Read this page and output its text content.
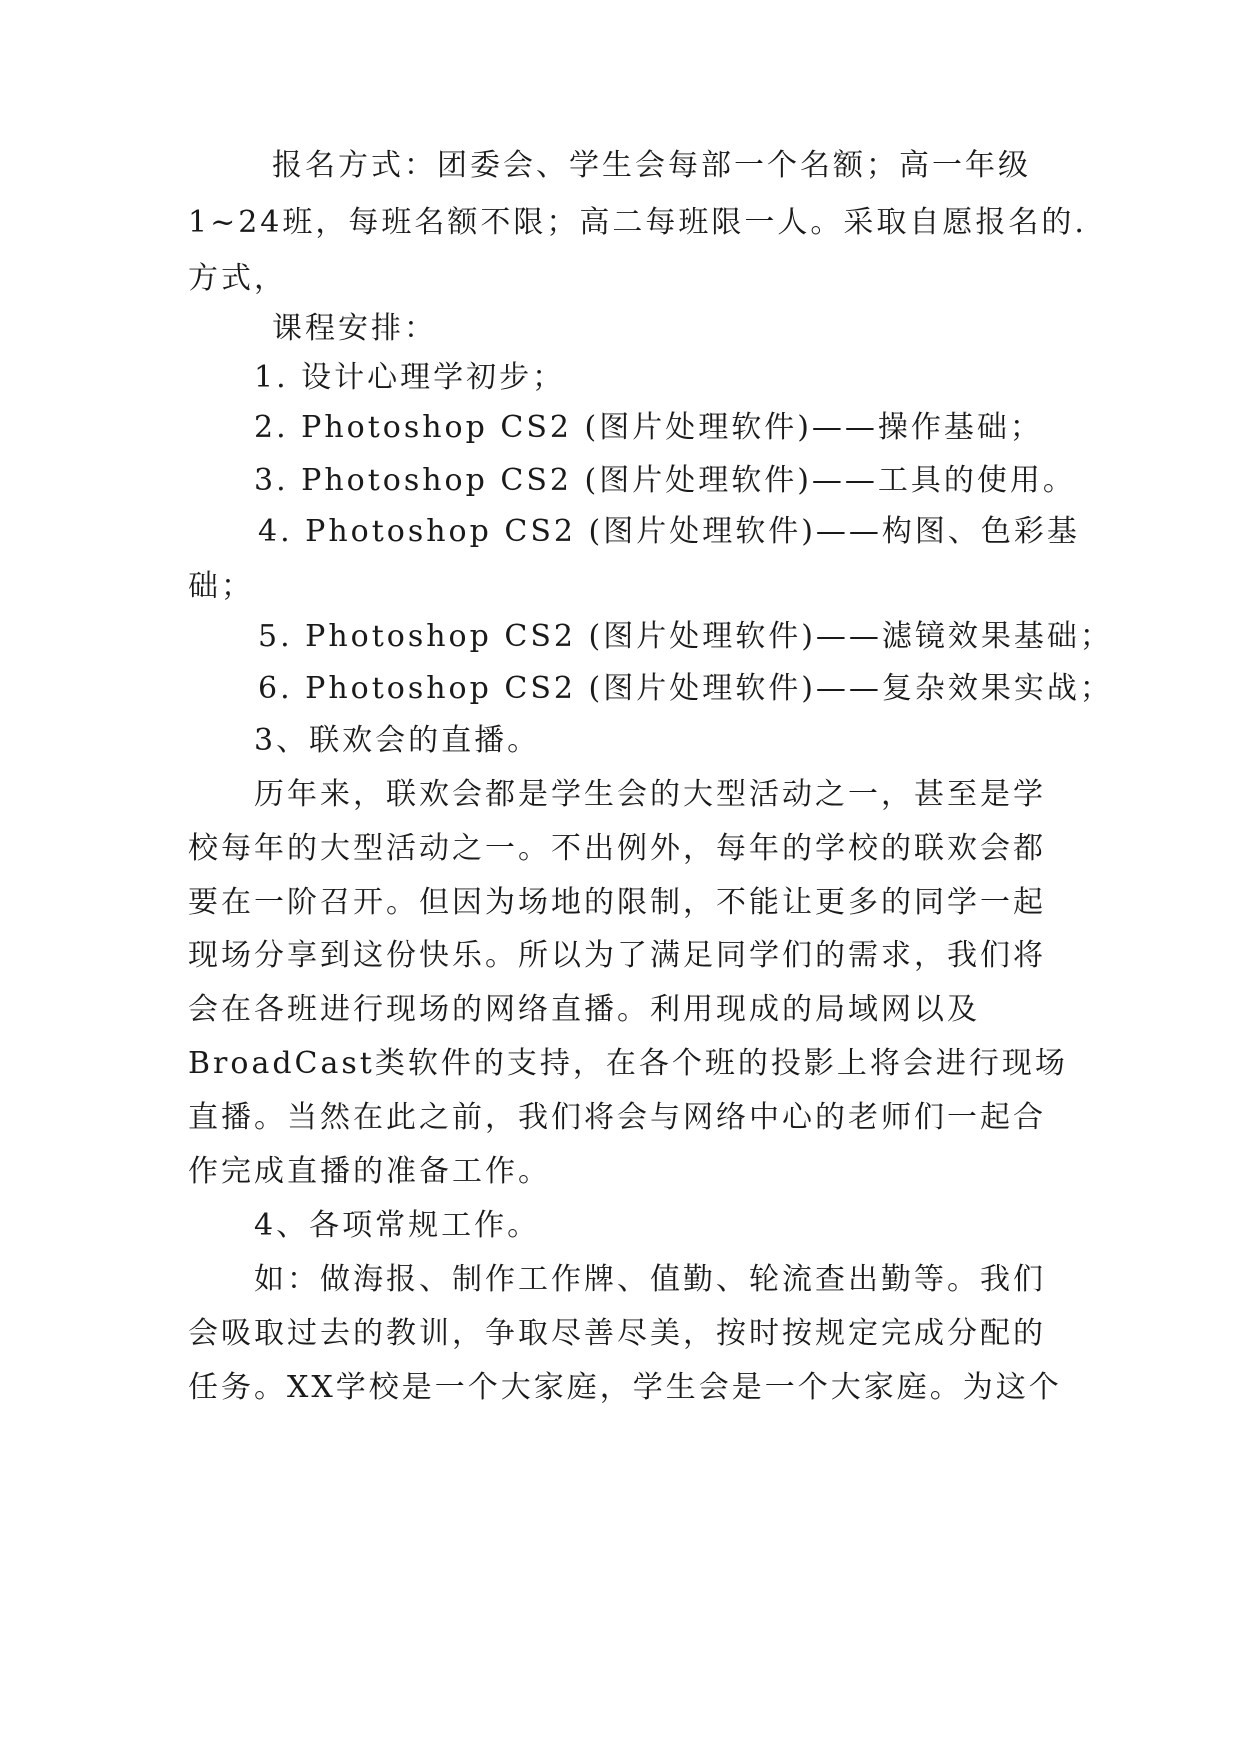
报名方式：团委会、学生会每部一个名额；高一年级
1~24班，每班名额不限；高二每班限一人。采取自愿报名的.
方式，
课程安排：
1. 设计心理学初步；
2. Photoshop CS2 (图片处理软件)——操作基础；
3. Photoshop CS2 (图片处理软件)——工具的使用。
4. Photoshop CS2 (图片处理软件)——构图、色彩基
础；
5. Photoshop CS2 (图片处理软件)——滤镜效果基础；
6. Photoshop CS2 (图片处理软件)——复杂效果实战；
3、联欢会的直播。
历年来，联欢会都是学生会的大型活动之一，甚至是学
校每年的大型活动之一。不出例外，每年的学校的联欢会都
要在一阶召开。但因为场地的限制，不能让更多的同学一起
现场分享到这份快乐。所以为了满足同学们的需求，我们将
会在各班进行现场的网络直播。利用现成的局域网以及
BroadCast类软件的支持，在各个班的投影上将会进行现场
直播。当然在此之前，我们将会与网络中心的老师们一起合
作完成直播的准备工作。
4、各项常规工作。
如：做海报、制作工作牌、值勤、轮流查出勤等。我们
会吸取过去的教训，争取尽善尽美，按时按规定完成分配的
任务。XX学校是一个大家庭，学生会是一个大家庭。为这个
